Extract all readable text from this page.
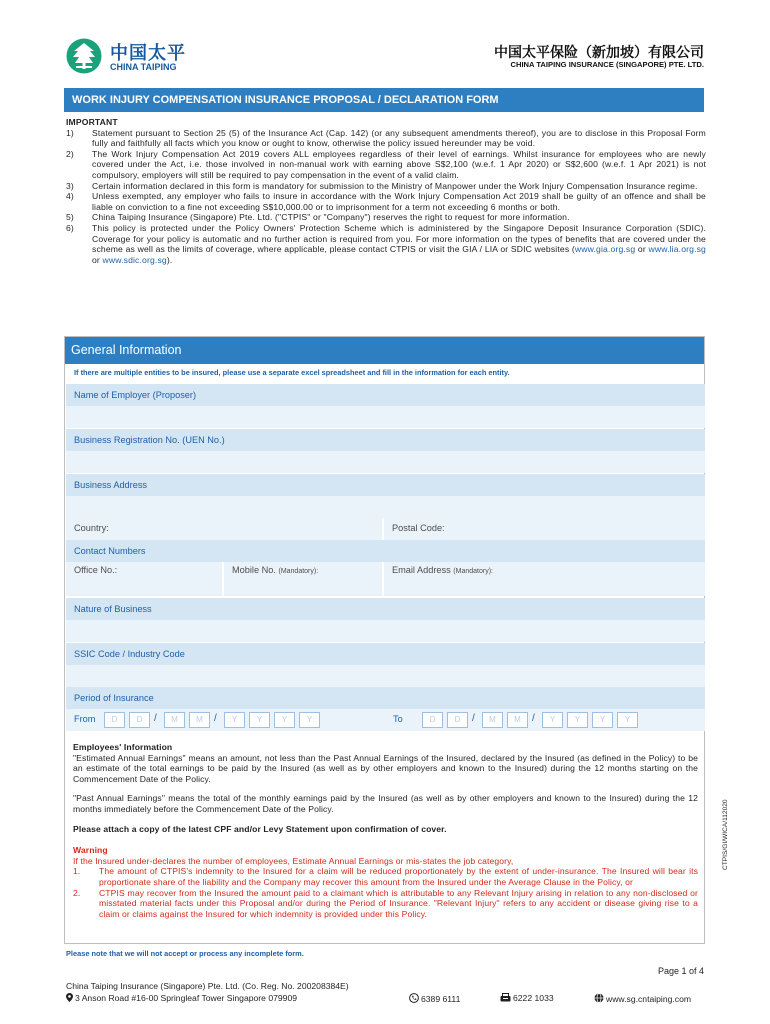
中国太平
CHINA TAIPING
中国太平保险（新加坡）有限公司
CHINA TAIPING INSURANCE (SINGAPORE) PTE. LTD.
WORK INJURY COMPENSATION INSURANCE PROPOSAL / DECLARATION FORM
IMPORTANT
1) Statement pursuant to Section 25 (5) of the Insurance Act (Cap. 142) (or any subsequent amendments thereof), you are to disclose in this Proposal Form fully and faithfully all facts which you know or ought to know, otherwise the policy issued hereunder may be void.
2) The Work Injury Compensation Act 2019 covers ALL employees regardless of their level of earnings. Whilst insurance for employees who are newly covered under the Act, i.e. those involved in non-manual work with earning above S$2,100 (w.e.f. 1 Apr 2020) or S$2,600 (w.e.f. 1 Apr 2021) is not compulsory, employers will still be required to pay compensation in the event of a valid claim.
3) Certain information declared in this form is mandatory for submission to the Ministry of Manpower under the Work Injury Compensation Insurance regime.
4) Unless exempted, any employer who fails to insure in accordance with the Work Injury Compensation Act 2019 shall be guilty of an offence and shall be liable on conviction to a fine not exceeding S$10,000.00 or to imprisonment for a term not exceeding 6 months or both.
5) China Taiping Insurance (Singapore) Pte. Ltd. ("CTPIS" or "Company") reserves the right to request for more information.
6) This policy is protected under the Policy Owners' Protection Scheme which is administered by the Singapore Deposit Insurance Corporation (SDIC). Coverage for your policy is automatic and no further action is required from you. For more information on the types of benefits that are covered under the scheme as well as the limits of coverage, where applicable, please contact CTPIS or visit the GIA / LIA or SDIC websites (www.gia.org.sg or www.lia.org.sg or www.sdic.org.sg).
General Information
If there are multiple entities to be insured, please use a separate excel spreadsheet and fill in the information for each entity.
Name of Employer (Proposer)
Business Registration No. (UEN No.)
Business Address
Country:	Postal Code:
Contact Numbers
Office No.:	Mobile No. (Mandatory):	Email Address (Mandatory):
Nature of Business
SSIC Code / Industry Code
Period of Insurance
From	D	D	/	M	M	/	Y	Y	Y	Y	To	D	D	/	M	M	/	Y	Y	Y	Y
Employees' Information
"Estimated Annual Earnings" means an amount, not less than the Past Annual Earnings of the Insured, declared by the Insured (as defined in the Policy) to be an estimate of the total earnings to be paid by the Insured (as well as by other employers and known to the Insured) during the 12 months starting on the Commencement Date of the Policy.
"Past Annual Earnings" means the total of the monthly earnings paid by the Insured (as well as by other employers and known to the Insured) during the 12 months immediately before the Commencement Date of the Policy.
Please attach a copy of the latest CPF and/or Levy Statement upon confirmation of cover.
Warning
If the Insured under-declares the number of employees, Estimate Annual Earnings or mis-states the job category,
1. The amount of CTPIS's indemnity to the Insured for a claim will be reduced proportionately by the extent of under-insurance. The Insured will bear its proportionate share of the liability and the Company may recover this amount from the Insured under the Average Clause in the Policy, or
2. CTPIS may recover from the Insured the amount paid to a claimant which is attributable to any Relevant Injury arising in relation to any non-disclosed or misstated material facts under this Proposal and/or during the Period of Insurance. "Relevant Injury" refers to any accident or disease giving rise to a claim or claims against the Insured for which indemnity is provided under this Policy.
CTPIS/GI/WICA/112020
Please note that we will not accept or process any incomplete form.
Page 1 of 4
China Taiping Insurance (Singapore) Pte. Ltd. (Co. Reg. No. 200208384E)
3 Anson Road #16-00 Springleaf Tower Singapore 079909	6389 6111	6222 1033	www.sg.cntaiping.com
